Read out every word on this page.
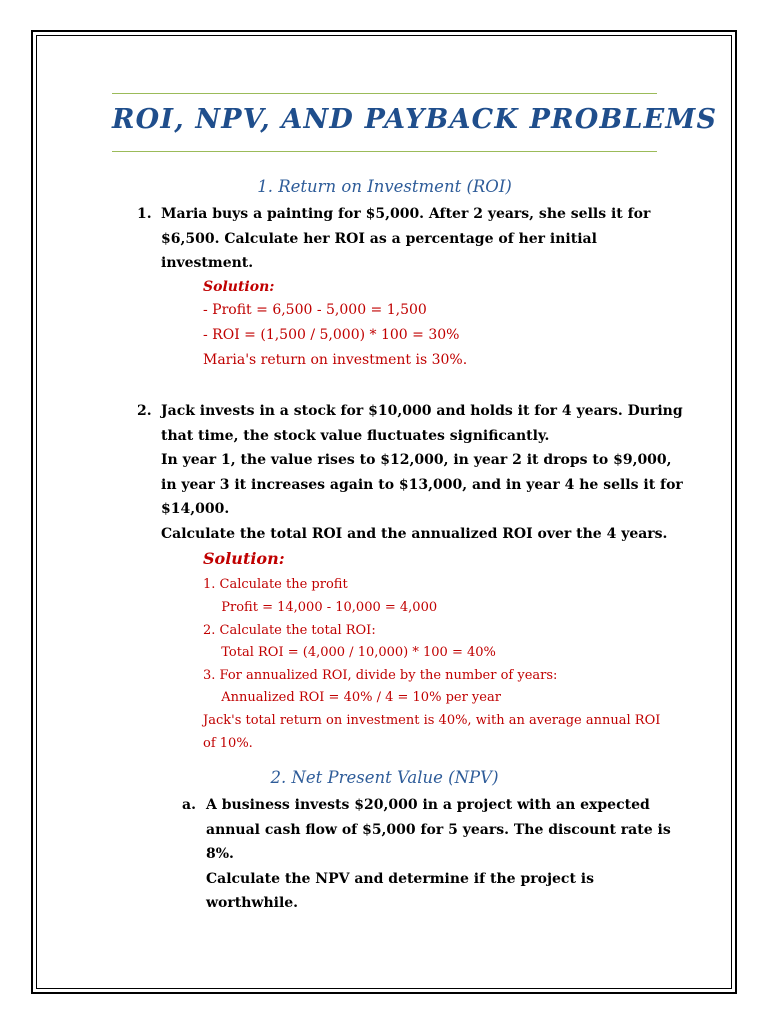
ROI, NPV, AND PAYBACK PROBLEMS
1. Return on Investment (ROI)
1. Maria buys a painting for $5,000. After 2 years, she sells it for
$6,500. Calculate her ROI as a percentage of her initial
investment.
Solution:
- Profit = 6,500 - 5,000 = 1,500
- ROI = (1,500 / 5,000) * 100 = 30%
Maria's return on investment is 30%.
2. Jack invests in a stock for $10,000 and holds it for 4 years. During
that time, the stock value fluctuates significantly.
In year 1, the value rises to $12,000, in year 2 it drops to $9,000,
in year 3 it increases again to $13,000, and in year 4 he sells it for
$14,000.
Calculate the total ROI and the annualized ROI over the 4 years.
Solution:
1. Calculate the profit
Profit = 14,000 - 10,000 = 4,000
2. Calculate the total ROI:
Total ROI = (4,000 / 10,000) * 100 = 40%
3. For annualized ROI, divide by the number of years:
Annualized ROI = 40% / 4 = 10% per year
Jack's total return on investment is 40%, with an average annual ROI
of 10%.
2. Net Present Value (NPV)
a. A business invests $20,000 in a project with an expected
annual cash flow of $5,000 for 5 years. The discount rate is
8%.
Calculate the NPV and determine if the project is
worthwhile.
